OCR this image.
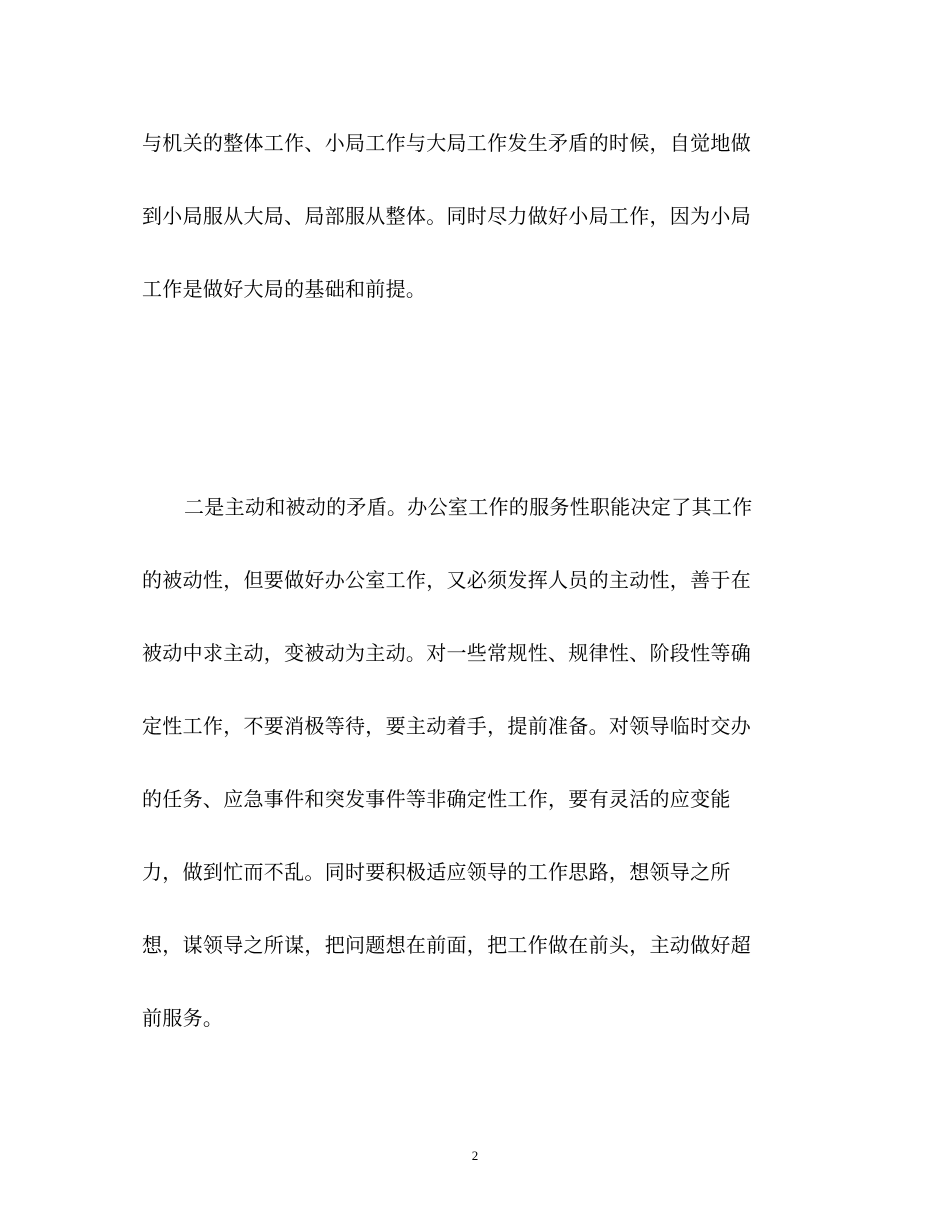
与机关的整体工作、小局工作与大局工作发生矛盾的时候，自觉地做
到小局服从大局、局部服从整体。同时尽力做好小局工作，因为小局
工作是做好大局的基础和前提。
二是主动和被动的矛盾。办公室工作的服务性职能决定了其工作
的被动性，但要做好办公室工作，又必须发挥人员的主动性，善于在
被动中求主动，变被动为主动。对一些常规性、规律性、阶段性等确
定性工作，不要消极等待，要主动着手，提前准备。对领导临时交办
的任务、应急事件和突发事件等非确定性工作，要有灵活的应变能
力，做到忙而不乱。同时要积极适应领导的工作思路，想领导之所
想，谋领导之所谋，把问题想在前面，把工作做在前头，主动做好超
前服务。
2
